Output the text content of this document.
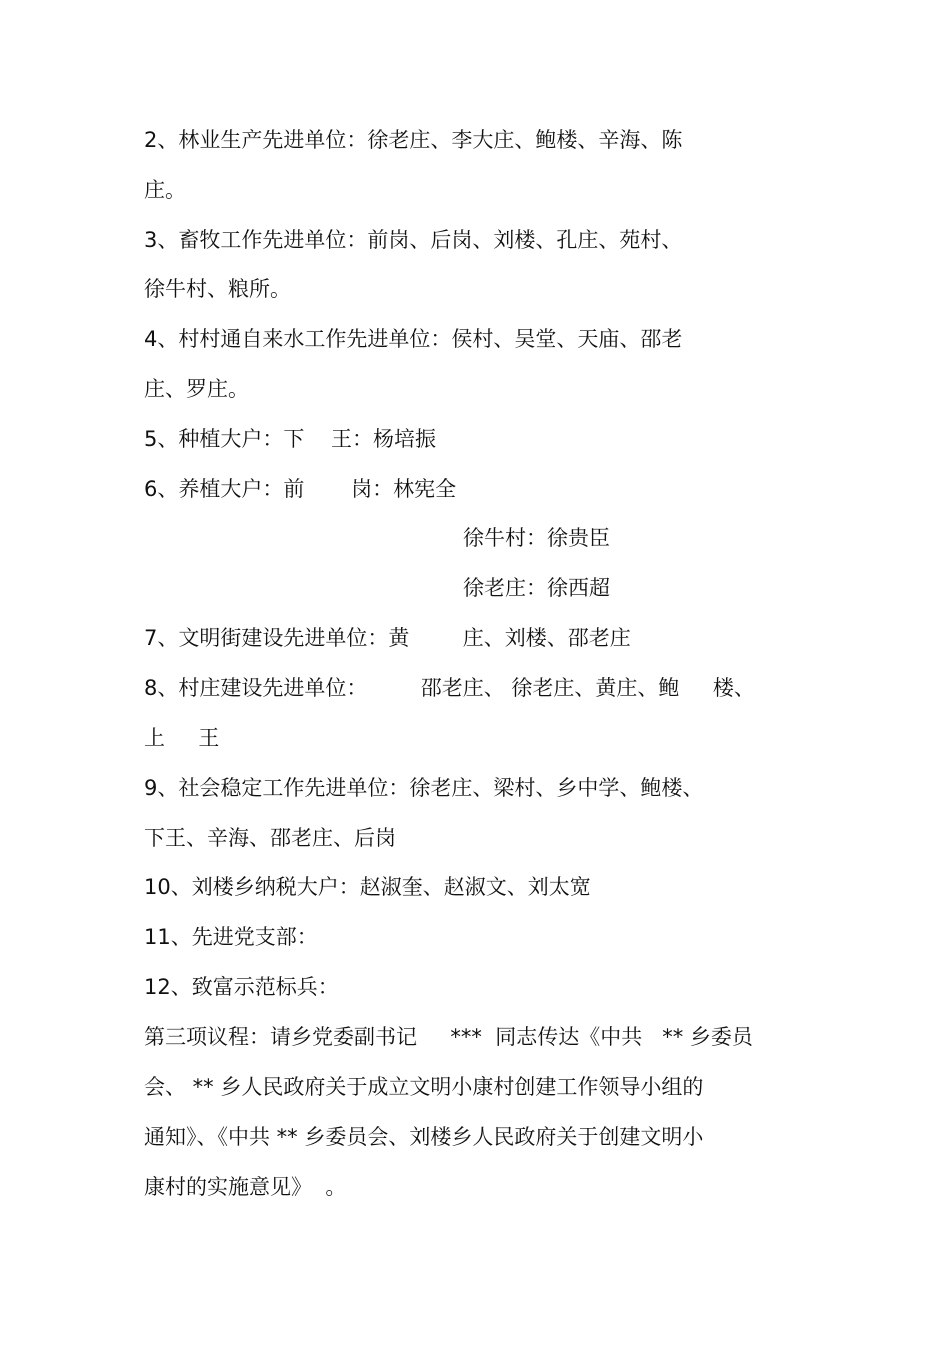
2、林业生产先进单位：徐老庄、李大庄、鲍楼、辛海、陈
庄。
3、畜牧工作先进单位：前岗、后岗、刘楼、孔庄、苑村、
徐牛村、粮所。
4、村村通自来水工作先进单位：侯村、吴堂、天庙、邵老
庄、罗庄。
5、种植大户：下    王：杨培振
6、养植大户：前       岗：林宪全
徐牛村：徐贵臣
徐老庄：徐西超
7、文明街建设先进单位：黄        庄、刘楼、邵老庄
8、村庄建设先进单位：        邵老庄、 徐老庄、黄庄、鲍     楼、
上     王
9、社会稳定工作先进单位：徐老庄、梁村、乡中学、鲍楼、
下王、辛海、邵老庄、后岗
10、刘楼乡纳税大户：赵淑奎、赵淑文、刘太宽
11、先进党支部：
12、致富示范标兵：
第三项议程：请乡党委副书记     ***  同志传达《中共   ** 乡委员
会、 ** 乡人民政府关于成立文明小康村创建工作领导小组的
通知》、《中共 ** 乡委员会、刘楼乡人民政府关于创建文明小
康村的实施意见》  。
